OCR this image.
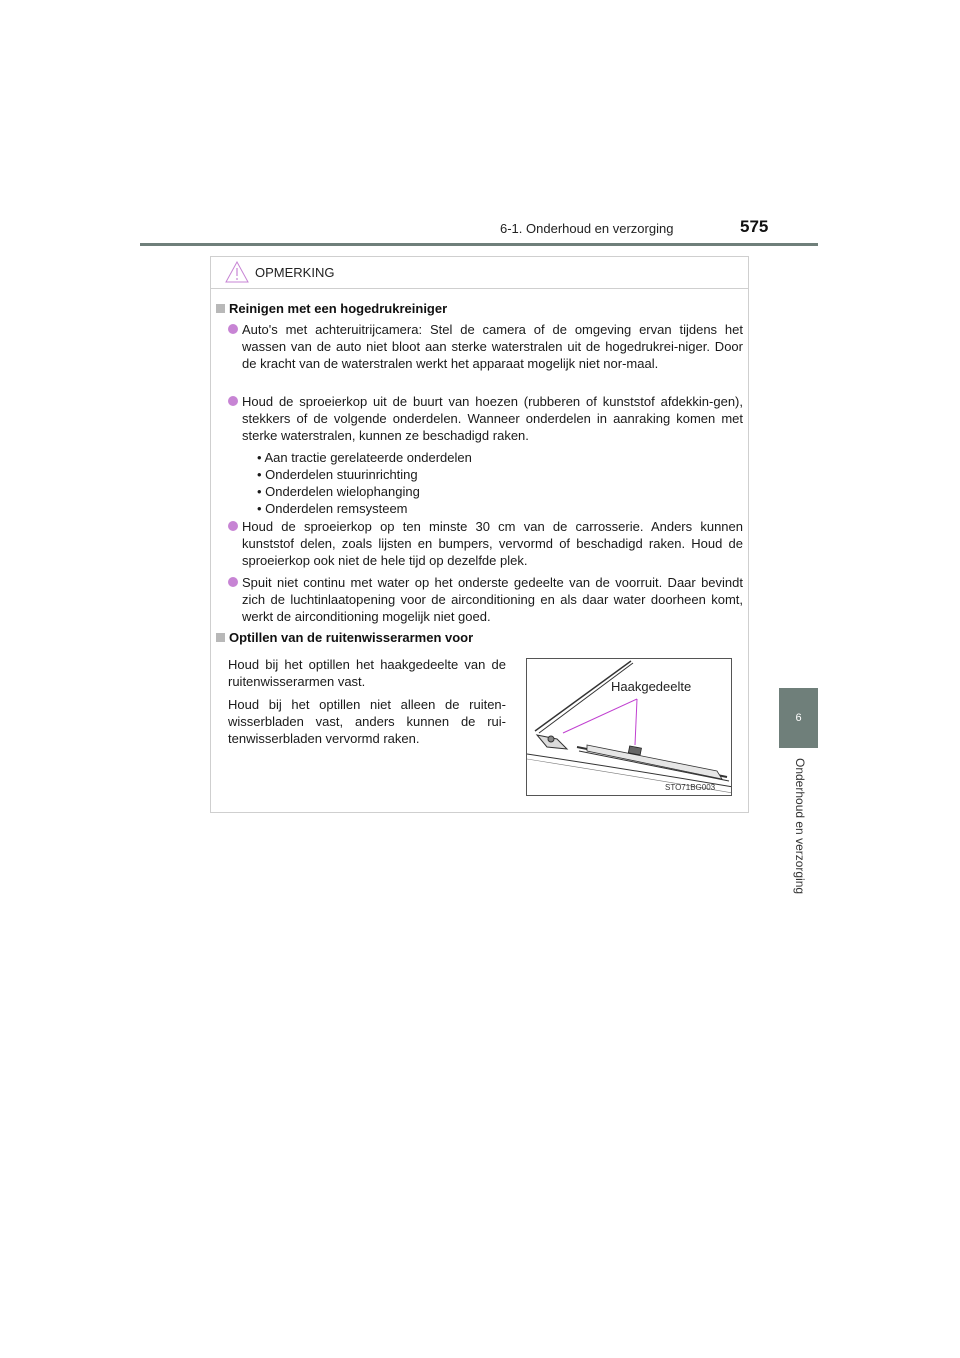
6-1. Onderhoud en verzorging	575
6
Onderhoud en verzorging
OPMERKING
Reinigen met een hogedrukreiniger
Auto's met achteruitrijcamera: Stel de camera of de omgeving ervan tijdens het wassen van de auto niet bloot aan sterke waterstralen uit de hogedrukrei-niger. Door de kracht van de waterstralen werkt het apparaat mogelijk niet nor-maal.
Houd de sproeierkop uit de buurt van hoezen (rubberen of kunststof afdekkin-gen), stekkers of de volgende onderdelen. Wanneer onderdelen in aanraking komen met sterke waterstralen, kunnen ze beschadigd raken.
• Aan tractie gerelateerde onderdelen
• Onderdelen stuurinrichting
• Onderdelen wielophanging
• Onderdelen remsysteem
Houd de sproeierkop op ten minste 30 cm van de carrosserie. Anders kunnen kunststof delen, zoals lijsten en bumpers, vervormd of beschadigd raken. Houd de sproeierkop ook niet de hele tijd op dezelfde plek.
Spuit niet continu met water op het onderste gedeelte van de voorruit. Daar bevindt zich de luchtinlaatopening voor de airconditioning en als daar water doorheen komt, werkt de airconditioning mogelijk niet goed.
Optillen van de ruitenwisserarmen voor
Houd bij het optillen het haakgedeelte van de ruitenwisserarmen vast.
Houd bij het optillen niet alleen de ruiten-wisserbladen vast, anders kunnen de rui-tenwisserbladen vervormd raken.
Haakgedeelte
STO71BG003
